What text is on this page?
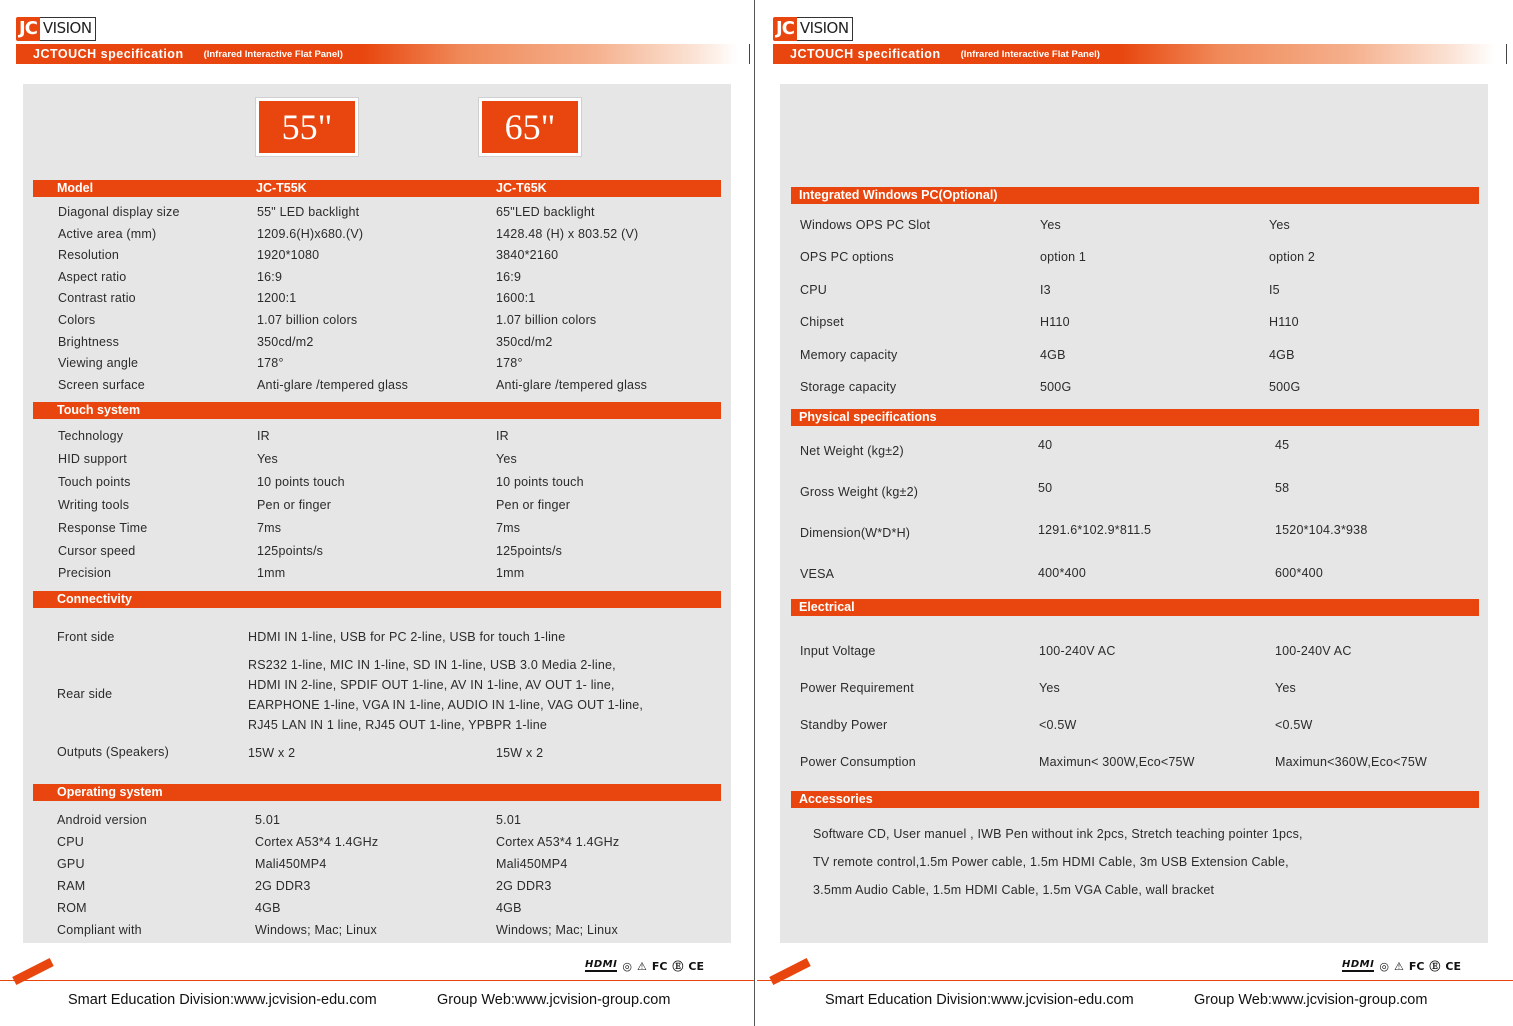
JC VISION
JCTOUCH specification (Infrared Interactive Flat Panel)
55"	65"
Model	JC-T55K	JC-T65K
Diagonal display size	55" LED backlight	65"LED backlight
Active area (mm)	1209.6(H)x680.(V)	1428.48 (H) x 803.52 (V)
Resolution	1920*1080	3840*2160
Aspect ratio	16:9	16:9
Contrast ratio	1200:1	1600:1
Colors	1.07 billion colors	1.07 billion colors
Brightness	350cd/m2	350cd/m2
Viewing angle	178°	178°
Screen surface	Anti-glare /tempered glass	Anti-glare /tempered glass
Touch system
Technology	IR	IR
HID support	Yes	Yes
Touch points	10 points touch	10 points touch
Writing tools	Pen or finger	Pen or finger
Response Time	7ms	7ms
Cursor speed	125points/s	125points/s
Precision	1mm	1mm
Connectivity
Front side	HDMI IN 1-line, USB for PC 2-line, USB for touch 1-line
Rear side
RS232 1-line, MIC IN 1-line, SD IN 1-line, USB 3.0 Media 2-line,
HDMI IN 2-line, SPDIF OUT 1-line, AV IN 1-line, AV OUT 1- line,
EARPHONE 1-line, VGA IN 1-line, AUDIO IN 1-line, VAG OUT 1-line,
RJ45 LAN IN 1 line, RJ45 OUT 1-line, YPBPR 1-line
Outputs (Speakers)	15W x 2	15W x 2
Operating system
Android version	5.01	5.01
CPU	Cortex A53*4 1.4GHz	Cortex A53*4 1.4GHz
GPU	Mali450MP4	Mali450MP4
RAM	2G DDR3	2G DDR3
ROM	4GB	4GB
Compliant with	Windows; Mac; Linux	Windows; Mac; Linux
HDMI ◎ ⚠ FC Ⓔ CE
Smart Education Division:www.jcvision-edu.com	Group Web:www.jcvision-group.com
JC VISION
JCTOUCH specification (Infrared Interactive Flat Panel)
Integrated Windows PC(Optional)
Windows OPS PC Slot	Yes	Yes
OPS PC options	option 1	option 2
CPU	I3	I5
Chipset	H110	H110
Memory capacity	4GB	4GB
Storage capacity	500G	500G
Physical specifications
Net Weight (kg±2)	40	45
Gross Weight (kg±2)	50	58
Dimension(W*D*H)	1291.6*102.9*811.5	1520*104.3*938
VESA	400*400	600*400
Electrical
Input Voltage	100-240V AC	100-240V AC
Power Requirement	Yes	Yes
Standby Power	<0.5W	<0.5W
Power Consumption	Maximun< 300W,Eco<75W	Maximun<360W,Eco<75W
Accessories
Software CD, User manuel , IWB Pen without ink 2pcs, Stretch teaching pointer 1pcs,
TV remote control,1.5m Power cable, 1.5m HDMI Cable, 3m USB Extension Cable,
3.5mm Audio Cable, 1.5m HDMI Cable, 1.5m VGA Cable, wall bracket
HDMI ◎ ⚠ FC Ⓔ CE
Smart Education Division:www.jcvision-edu.com	Group Web:www.jcvision-group.com
